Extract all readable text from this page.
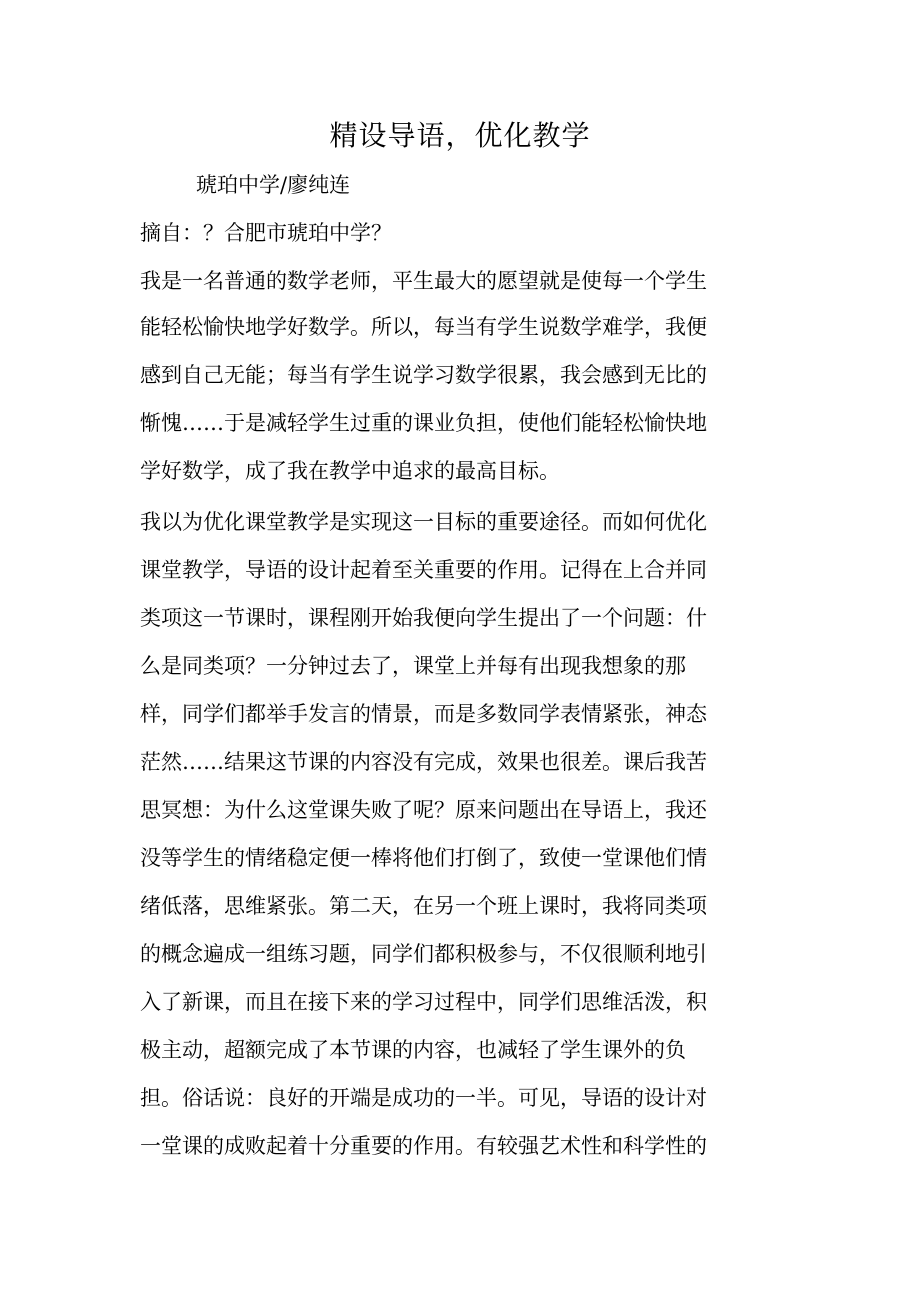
精设导语，优化教学

琥珀中学/廖纯连

摘自：？合肥市琥珀中学？

我是一名普通的数学老师，平生最大的愿望就是使每一个学生

能轻松愉快地学好数学。所以，每当有学生说数学难学，我便

感到自己无能；每当有学生说学习数学很累，我会感到无比的

惭愧……于是减轻学生过重的课业负担，使他们能轻松愉快地

学好数学，成了我在教学中追求的最高目标。

我以为优化课堂教学是实现这一目标的重要途径。而如何优化

课堂教学，导语的设计起着至关重要的作用。记得在上合并同

类项这一节课时，课程刚开始我便向学生提出了一个问题：什

么是同类项？一分钟过去了，课堂上并每有出现我想象的那

样，同学们都举手发言的情景，而是多数同学表情紧张，神态

茫然……结果这节课的内容没有完成，效果也很差。课后我苦

思冥想：为什么这堂课失败了呢？原来问题出在导语上，我还

没等学生的情绪稳定便一棒将他们打倒了，致使一堂课他们情

绪低落，思维紧张。第二天，在另一个班上课时，我将同类项

的概念遍成一组练习题，同学们都积极参与，不仅很顺利地引

入了新课，而且在接下来的学习过程中，同学们思维活泼，积

极主动，超额完成了本节课的内容，也减轻了学生课外的负

担。俗话说：良好的开端是成功的一半。可见，导语的设计对

一堂课的成败起着十分重要的作用。有较强艺术性和科学性的
